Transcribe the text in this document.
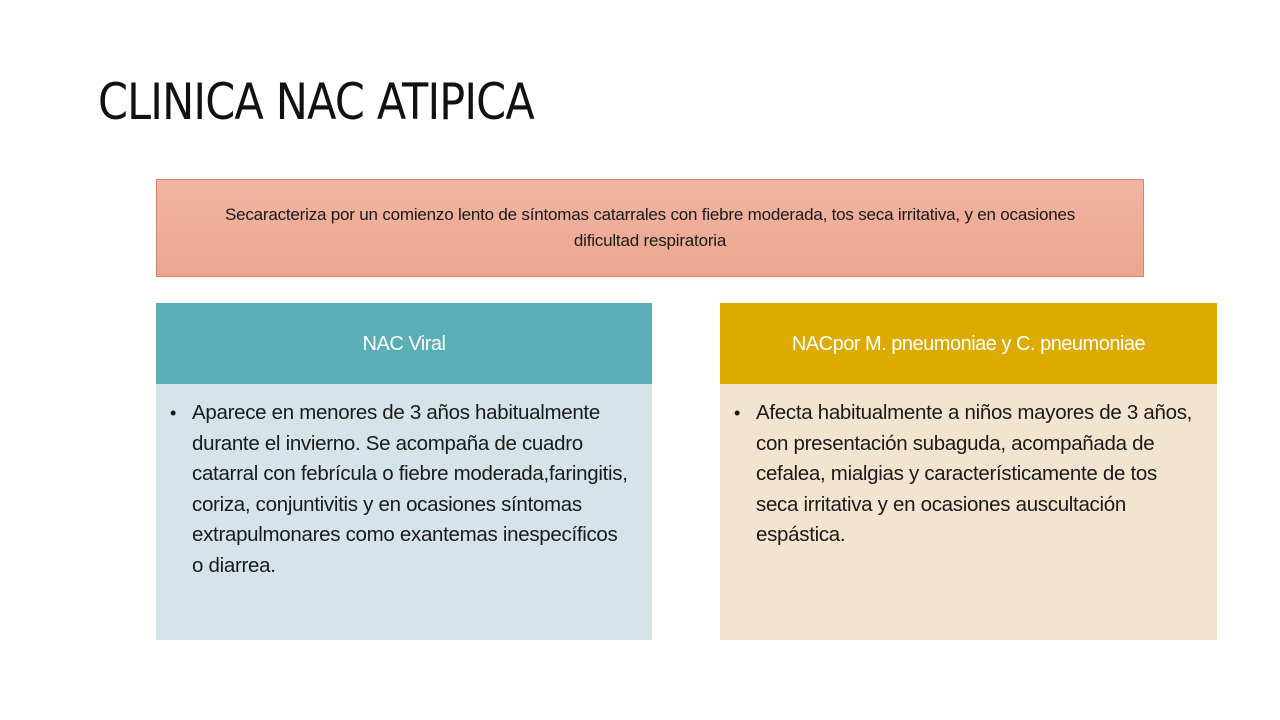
CLINICA NAC ATIPICA
Secaracteriza por un comienzo lento de síntomas catarrales con fiebre moderada, tos seca irritativa, y en ocasiones dificultad respiratoria
NAC Viral
• Aparece en menores de 3 años habitualmente durante el invierno. Se acompaña de cuadro catarral con febrícula o fiebre moderada,faringitis, coriza, conjuntivitis y en ocasiones síntomas extrapulmonares como exantemas inespecíficos o diarrea.
NACpor M. pneumoniae y C. pneumoniae
• Afecta habitualmente a niños mayores de 3 años, con presentación subaguda, acompañada de cefalea, mialgias y característicamente de tos seca irritativa y en ocasiones auscultación espástica.
